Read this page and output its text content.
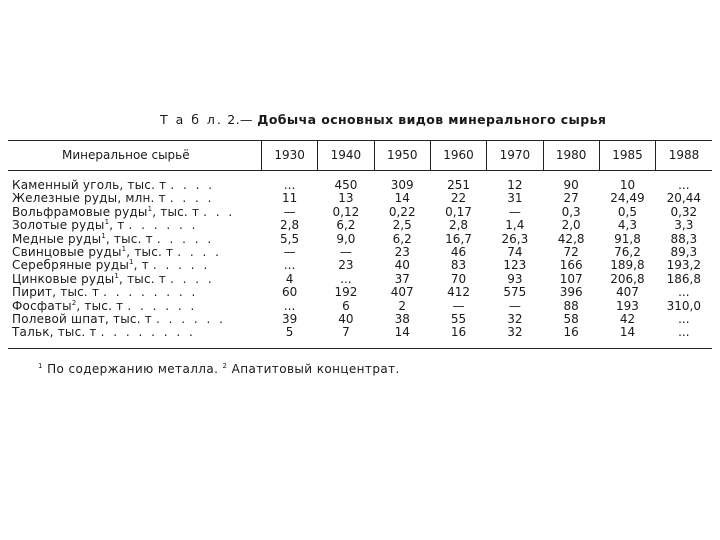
Т а б л. 2.— Добыча основных видов минерального сырья
Минеральное сырьё	1930	1940	1950	1960	1970	1980	1985	1988
Каменный уголь, тыс. т . . . .	...	450	309	251	12	90	10	...
Железные руды, млн. т . . . .	11	13	14	22	31	27	24,49	20,44
Вольфрамовые руды$^1$, тыс. т . . .	—	0,12	0,22	0,17	—	0,3	0,5	0,32
Золотые руды$^1$, т . . . . . .	2,8	6,2	2,5	2,8	1,4	2,0	4,3	3,3
Медные руды$^1$, тыс. т . . . . .	5,5	9,0	6,2	16,7	26,3	42,8	91,8	88,3
Свинцовые руды$^1$, тыс. т . . . .	—	—	23	46	74	72	76,2	89,3
Серебряные руды$^1$, т . . . . .	...	23	40	83	123	166	189,8	193,2
Цинковые руды$^1$, тыс. т . . . .	4	...	37	70	93	107	206,8	186,8
Пирит, тыс. т . . . . . . . .	60	192	407	412	575	396	407	...
Фосфаты$^2$, тыс. т . . . . . .	...	6	2	—	—	88	193	310,0
Полевой шпат, тыс. т . . . . . .	39	40	38	55	32	58	42	...
Тальк, тыс. т . . . . . . . .	5	7	14	16	32	16	14	...
$^1$ По содержанию металла. $^2$ Апатитовый концентрат.
